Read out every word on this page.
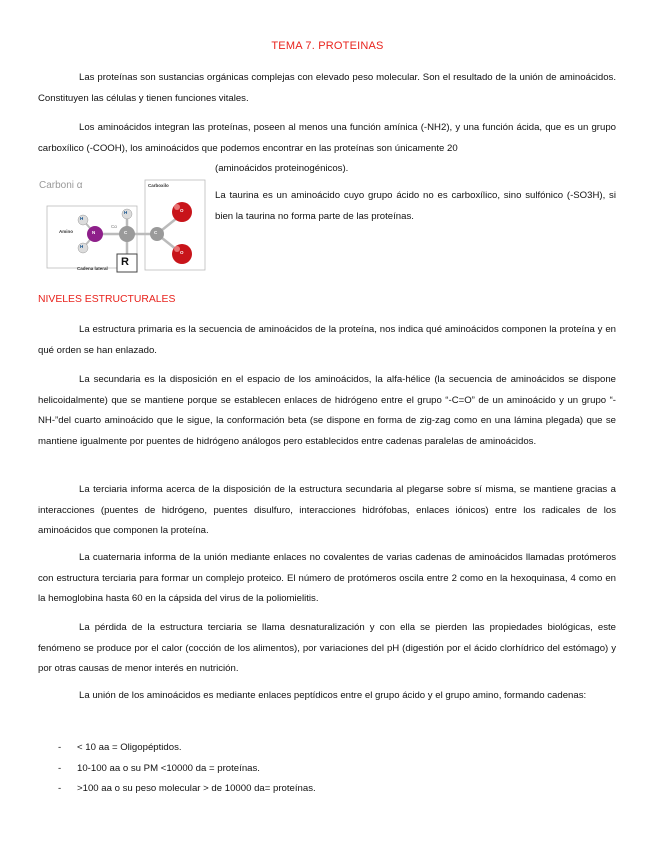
TEMA 7. PROTEINAS
Las proteínas son sustancias orgánicas complejas con elevado peso molecular. Son el resultado de la unión de aminoácidos. Constituyen las células y tienen funciones vitales.
Los aminoácidos integran las proteínas, poseen al menos una función amínica (-NH2), y una función ácida, que es un grupo carboxílico (-COOH), los aminoácidos que podemos encontrar en las proteínas son únicamente 20
(aminoácidos proteinogénicos).
La taurina es un aminoácido cuyo grupo ácido no es carboxílico, sino sulfónico (-SO3H), si bien la taurina no forma parte de las proteínas.
Carboni α
H
H
H
N	C	C
O
O
R
Carboxilo
Amino
Cadena lateral
Cα
NIVELES ESTRUCTURALES
La estructura primaria es la secuencia de aminoácidos de la proteína, nos indica qué aminoácidos componen la proteína y en qué orden se han enlazado.
La secundaria es la disposición en el espacio de los aminoácidos, la alfa-hélice (la secuencia de aminoácidos se dispone helicoidalmente) que se mantiene porque se establecen enlaces de hidrógeno entre el grupo “-C=O” de un aminoácido y un grupo “-NH-”del cuarto aminoácido que le sigue, la conformación beta (se dispone en forma de zig-zag como en una lámina plegada) que se mantiene igualmente por puentes de hidrógeno análogos pero establecidos entre cadenas paralelas de aminoácidos.
La terciaria informa acerca de la disposición de la estructura secundaria al plegarse sobre sí misma, se mantiene gracias a interacciones (puentes de hidrógeno, puentes disulfuro, interacciones hidrófobas, enlaces iónicos) entre los radicales de los aminoácidos que componen la proteína.
La cuaternaria informa de la unión mediante enlaces no covalentes de varias cadenas de aminoácidos llamadas protómeros con estructura terciaria para formar un complejo proteico. El número de protómeros oscila entre 2 como en la hexoquinasa, 4 como en la hemoglobina hasta 60 en la cápsida del virus de la poliomielitis.
La pérdida de la estructura terciaria se llama desnaturalización y con ella se pierden las propiedades biológicas, este fenómeno se produce por el calor (cocción de los alimentos), por variaciones del pH (digestión por el ácido clorhídrico del estómago) y por otras causas de menor interés en nutrición.
La unión de los aminoácidos es mediante enlaces peptídicos entre el grupo ácido y el grupo amino, formando cadenas:
- < 10 aa = Oligopéptidos.
- 10-100 aa o su PM <10000 da = proteínas.
- >100 aa o su peso molecular > de 10000 da= proteínas.
